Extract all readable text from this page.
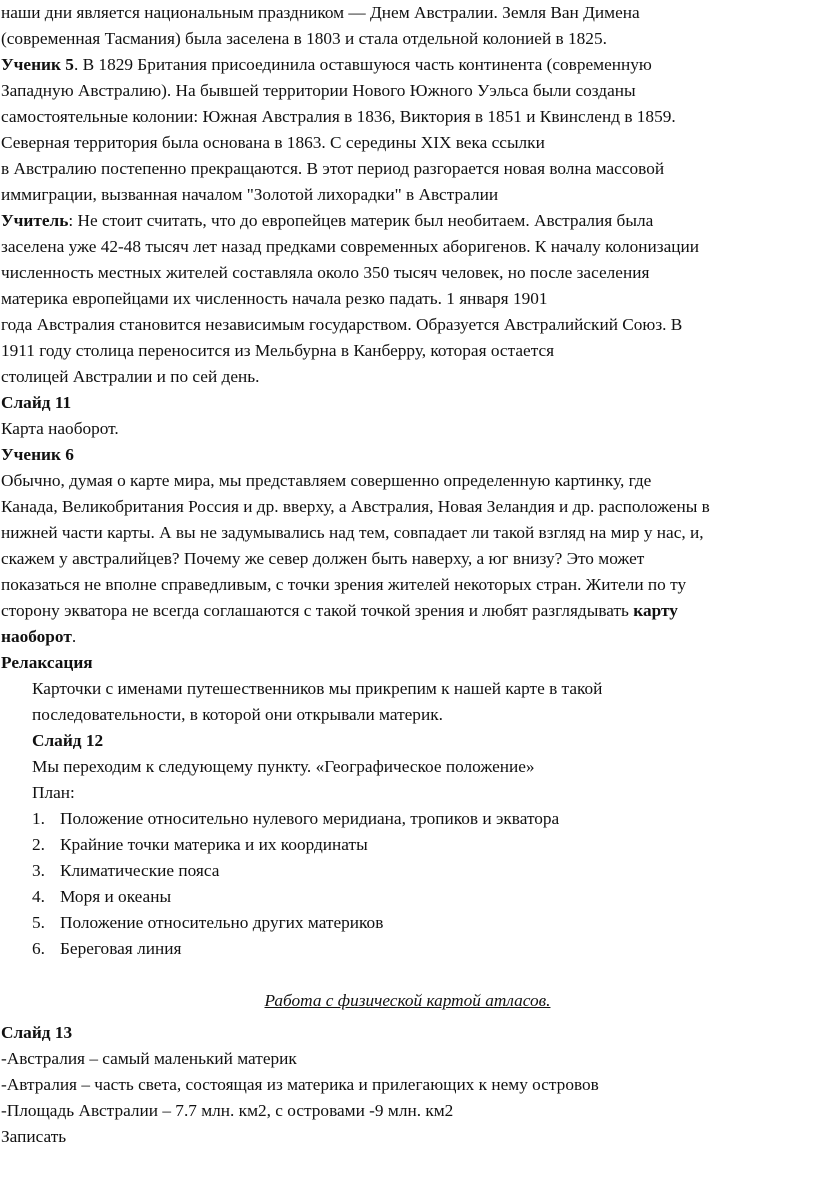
наши дни является национальным праздником — Днем Австралии. Земля Ван Димена
(современная Тасмания) была заселена в 1803 и стала отдельной колонией в 1825.
Ученик 5. В 1829 Британия присоединила оставшуюся часть континента (современную
Западную Австралию). На бывшей территории Нового Южного Уэльса были созданы
самостоятельные колонии: Южная Австралия в 1836, Виктория в 1851 и Квинсленд в 1859.
Северная территория была основана в 1863. С середины XIX века ссылки
в Австралию постепенно прекращаются. В этот период разгорается новая волна массовой
иммиграции, вызванная началом "Золотой лихорадки" в Австралии
Учитель: Не стоит считать, что до европейцев материк был необитаем. Австралия была
заселена уже 42-48 тысяч лет назад предками современных аборигенов. К началу колонизации
численность местных жителей составляла около 350 тысяч человек, но после заселения
материка европейцами их численность начала резко падать. 1 января 1901
года Австралия становится независимым государством. Образуется Австралийский Союз. В
1911 году столица переносится из Мельбурна в Канберру, которая остается
столицей Австралии и по сей день.
Слайд 11
Карта наоборот.
Ученик 6
Обычно, думая о карте мира, мы представляем совершенно определенную картинку, где
Канада, Великобритания Россия и др. вверху, а Австралия, Новая Зеландия и др. расположены в
нижней части карты. А вы не задумывались над тем, совпадает ли такой взгляд на мир у нас, и,
скажем у австралийцев? Почему же север должен быть наверху, а юг внизу? Это может
показаться не вполне справедливым, с точки зрения жителей некоторых стран. Жители по ту
сторону экватора не всегда соглашаются с такой точкой зрения и любят разглядывать карту
наоборот.
Релаксация
Карточки с именами путешественников мы прикрепим к нашей карте в такой
последовательности, в которой они открывали материк.
Слайд 12
Мы переходим к следующему пункту. «Географическое положение»
План:
1. Положение относительно нулевого меридиана, тропиков и экватора
2. Крайние точки материка и их координаты
3. Климатические пояса
4. Моря и океаны
5. Положение относительно других материков
6. Береговая линия

Работа с физической картой атласов.

Слайд 13
-Австралия – самый маленький материк
-Автралия – часть света, состоящая из материка и прилегающих к нему островов
-Площадь Австралии – 7.7 млн. км2, с островами -9 млн. км2
Записать
